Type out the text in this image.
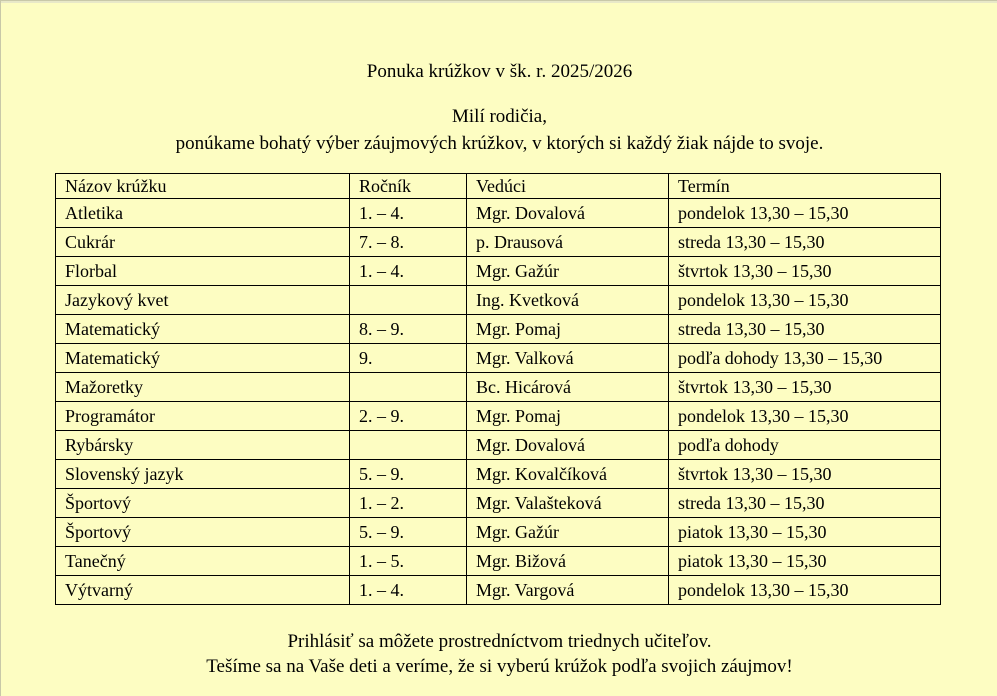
Ponuka krúžkov v šk. r. 2025/2026
Milí rodičia,
ponúkame bohatý výber záujmových krúžkov, v ktorých si každý žiak nájde to svoje.
Názov krúžku	Ročník	Vedúci	Termín
Atletika	1. – 4.	Mgr. Dovalová	pondelok 13,30 – 15,30
Cukrár	7. – 8.	p. Drausová	streda 13,30 – 15,30
Florbal	1. – 4.	Mgr. Gažúr	štvrtok 13,30 – 15,30
Jazykový kvet		Ing. Kvetková	pondelok 13,30 – 15,30
Matematický	8. – 9.	Mgr. Pomaj	streda 13,30 – 15,30
Matematický	9.	Mgr. Valková	podľa dohody 13,30 – 15,30
Mažoretky		Bc. Hicárová	štvrtok 13,30 – 15,30
Programátor	2. – 9.	Mgr. Pomaj	pondelok 13,30 – 15,30
Rybársky		Mgr. Dovalová	podľa dohody
Slovenský jazyk	5. – 9.	Mgr. Kovalčíková	štvrtok 13,30 – 15,30
Športový	1. – 2.	Mgr. Valašteková	streda 13,30 – 15,30
Športový	5. – 9.	Mgr. Gažúr	piatok 13,30 – 15,30
Tanečný	1. – 5.	Mgr. Bižová	piatok 13,30 – 15,30
Výtvarný	1. – 4.	Mgr. Vargová	pondelok 13,30 – 15,30
Prihlásiť sa môžete prostredníctvom triednych učiteľov.
Tešíme sa na Vaše deti a veríme, že si vyberú krúžok podľa svojich záujmov!
